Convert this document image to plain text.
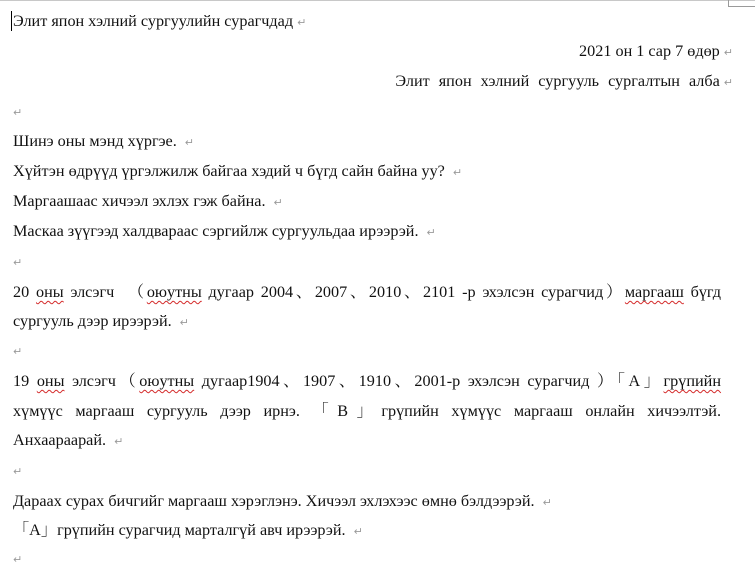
Элит япон хэлний сургуулийн сурагчдад ↵
2021 он 1 сар 7 өдөр ↵
Элит япон хэлний сургууль сургалтын алба ↵
↵
Шинэ оны мэнд хүргэе. ↵
Хүйтэн өдрүүд үргэлжилж байгаа хэдий ч бүгд сайн байна уу? ↵
Маргаашаас хичээл эхлэх гэж байна. ↵
Маскаа зүүгээд халдвараас сэргийлж сургуульдаа ирээрэй. ↵
↵
20 оны элсэгч　（оюутны дугаар 2004、2007、2010、2101 -р эхэлсэн сурагчид）маргааш бүгд
сургууль дээр ирээрэй. ↵
↵
19 оны элсэгч（оюутны дугаар1904、1907、1910、2001-р эхэлсэн сурагчид ）「A」грүпийн
хүмүүс маргааш сургууль дээр ирнэ. 「B」грүпийн хүмүүс маргааш онлайн хичээлтэй.
Анхаараарай. ↵
↵
Дараах сурах бичгийг маргааш хэрэглэнэ. Хичээл эхлэхээс өмнө бэлдээрэй. ↵
「A」грүпийн сурагчид марталгүй авч ирээрэй. ↵
↵
